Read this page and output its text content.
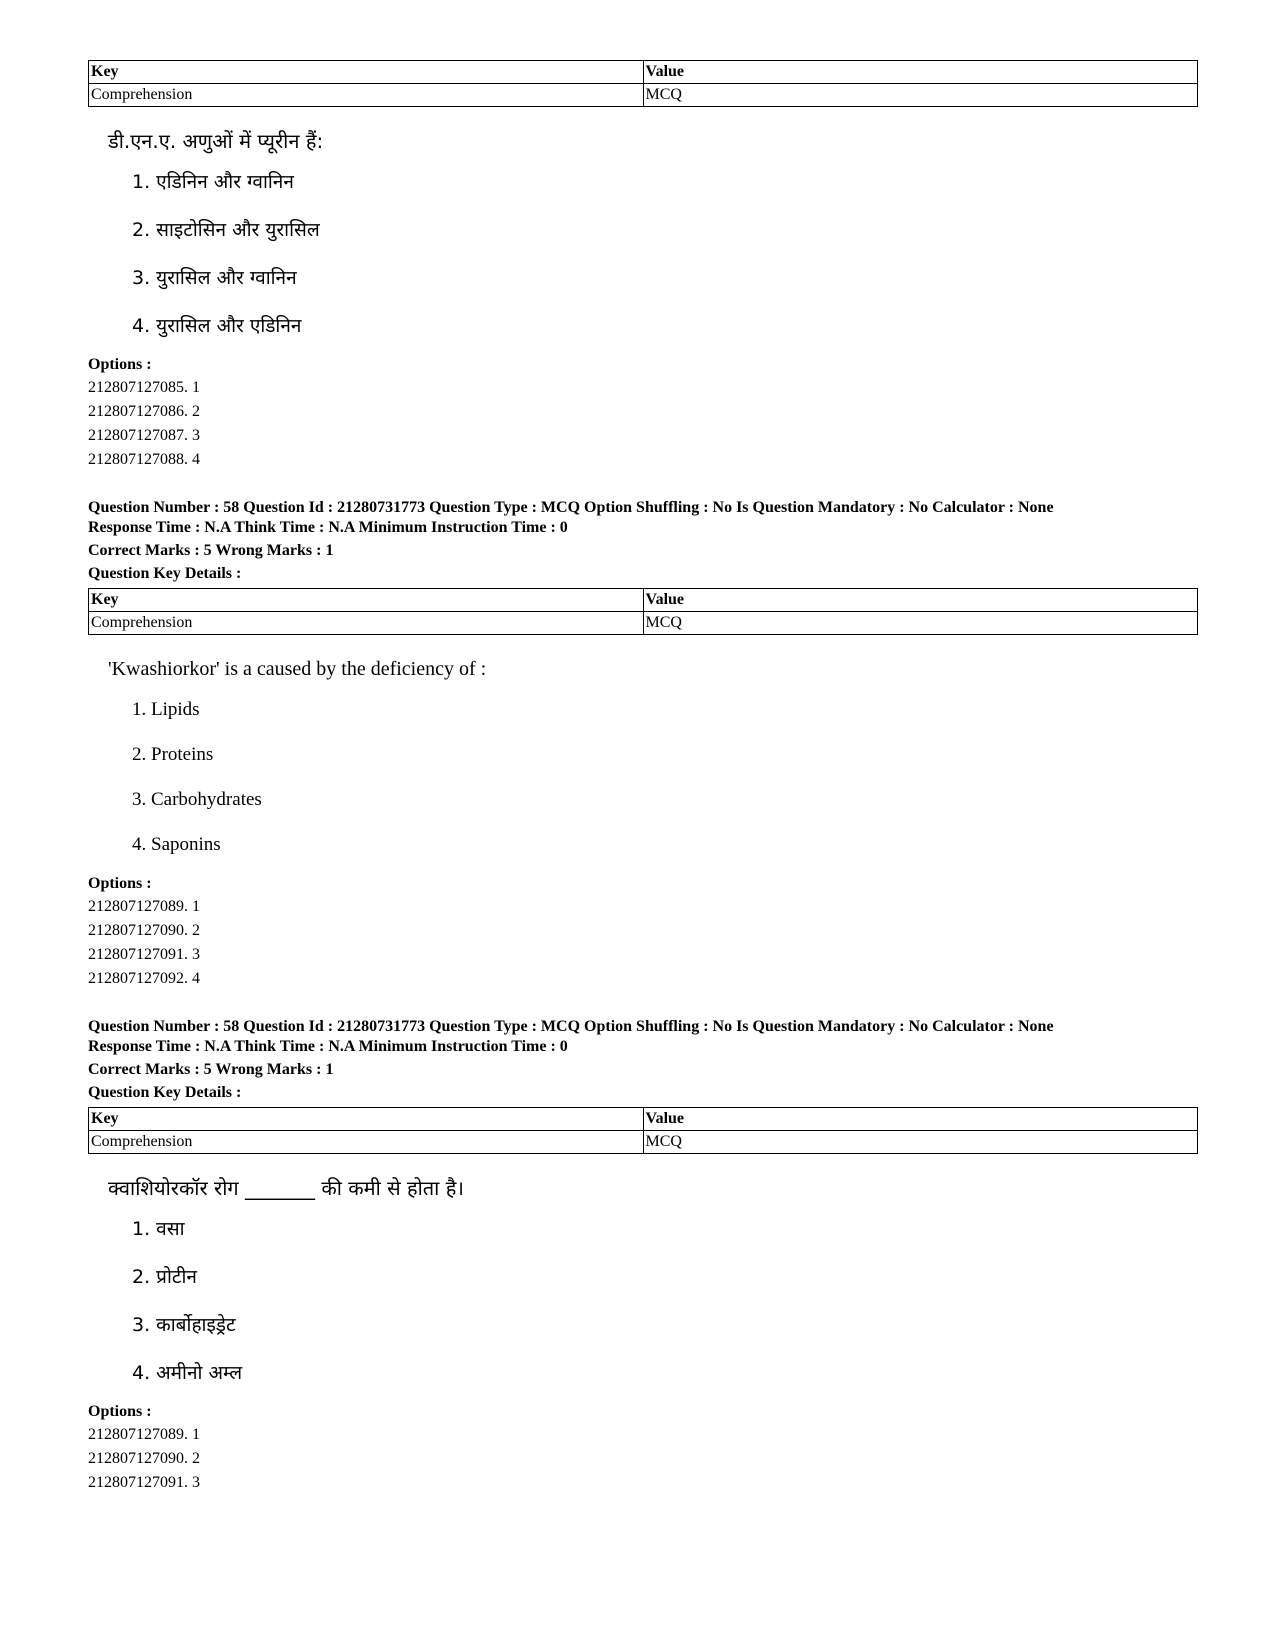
Key	Value
Comprehension	MCQ
डी.एन.ए. अणुओं में प्यूरीन हैं:
1. एडिनिन और ग्वानिन
2. साइटोसिन और युरासिल
3. युरासिल और ग्वानिन
4. युरासिल और एडिनिन
Options :
212807127085. 1
212807127086. 2
212807127087. 3
212807127088. 4
Question Number : 58 Question Id : 21280731773 Question Type : MCQ Option Shuffling : No Is Question Mandatory : No Calculator : None
Response Time : N.A Think Time : N.A Minimum Instruction Time : 0
Correct Marks : 5 Wrong Marks : 1
Question Key Details :
Key	Value
Comprehension	MCQ
'Kwashiorkor' is a caused by the deficiency of :
1. Lipids
2. Proteins
3. Carbohydrates
4. Saponins
Options :
212807127089. 1
212807127090. 2
212807127091. 3
212807127092. 4
Question Number : 58 Question Id : 21280731773 Question Type : MCQ Option Shuffling : No Is Question Mandatory : No Calculator : None
Response Time : N.A Think Time : N.A Minimum Instruction Time : 0
Correct Marks : 5 Wrong Marks : 1
Question Key Details :
Key	Value
Comprehension	MCQ
क्वाशियोरकॉर रोग _______ की कमी से होता है।
1. वसा
2. प्रोटीन
3. कार्बोहाइड्रेट
4. अमीनो अम्ल
Options :
212807127089. 1
212807127090. 2
212807127091. 3
